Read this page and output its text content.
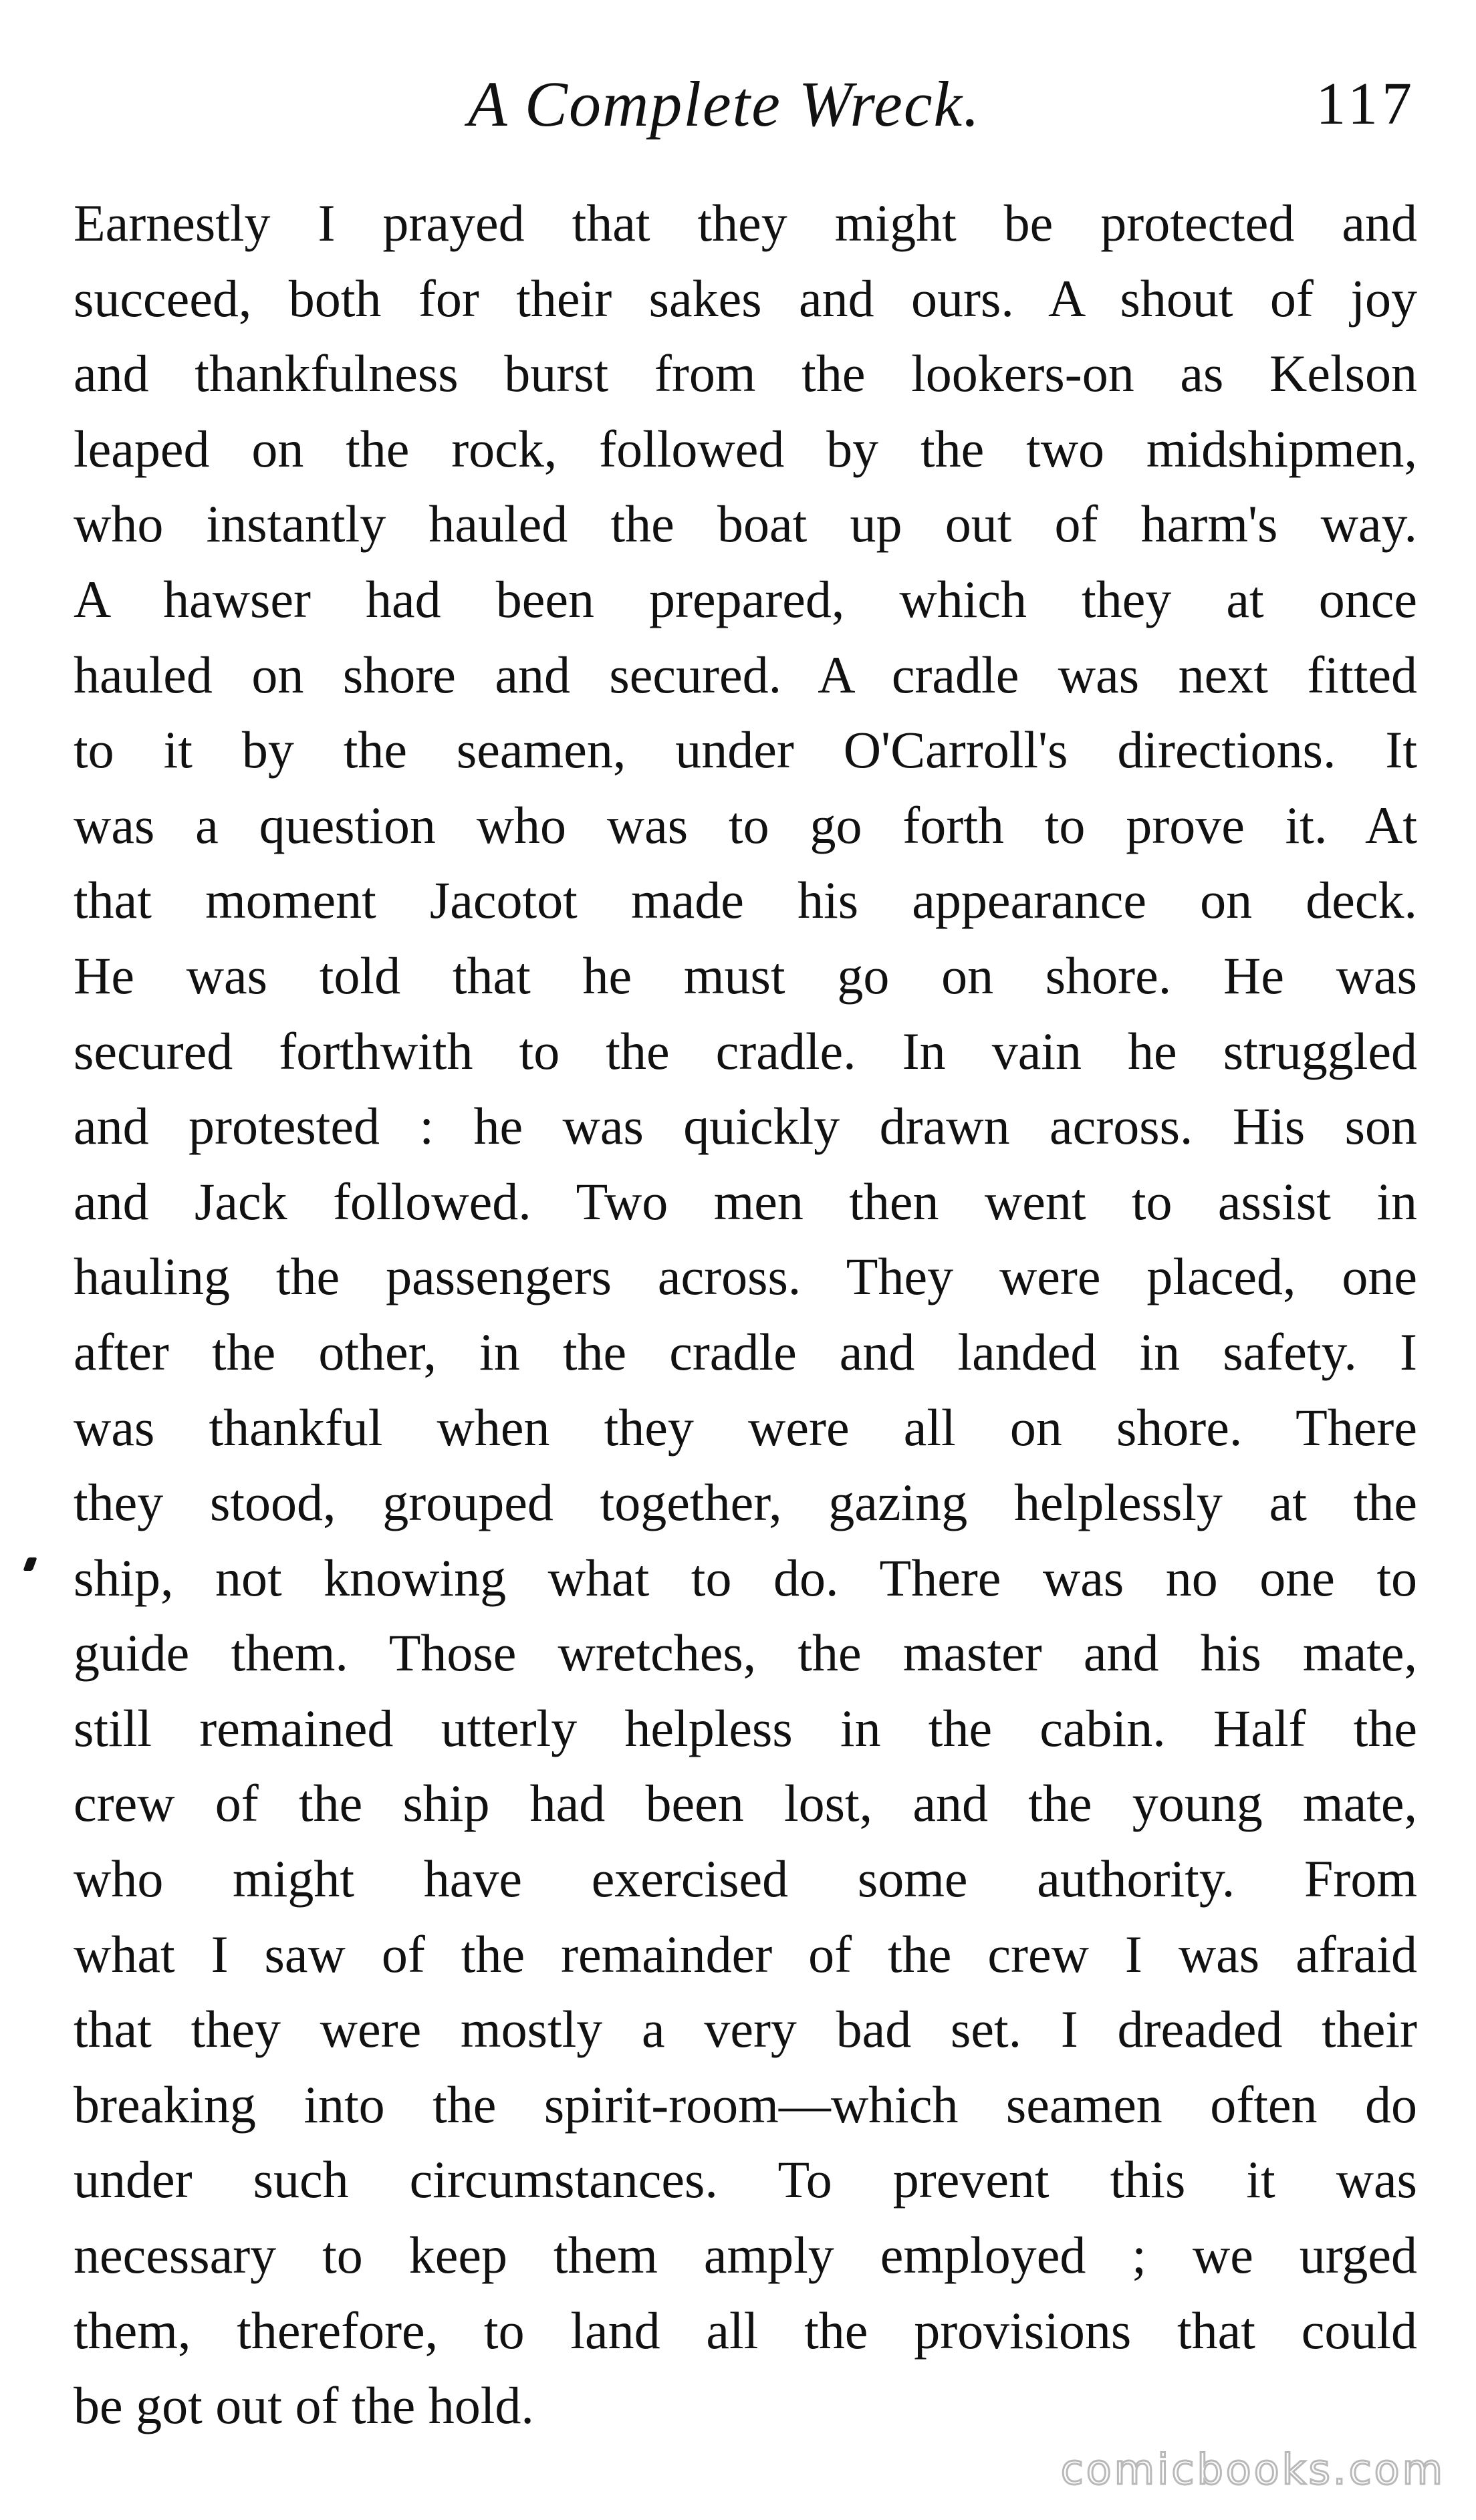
A Complete Wreck.	117
Earnestly I prayed that they might be protected and
succeed, both for their sakes and ours. A shout of joy
and thankfulness burst from the lookers-on as Kelson
leaped on the rock, followed by the two midshipmen,
who instantly hauled the boat up out of harm's way.
A hawser had been prepared, which they at once
hauled on shore and secured. A cradle was next fitted
to it by the seamen, under O'Carroll's directions. It
was a question who was to go forth to prove it. At
that moment Jacotot made his appearance on deck.
He was told that he must go on shore. He was
secured forthwith to the cradle. In vain he struggled
and protested : he was quickly drawn across. His son
and Jack followed. Two men then went to assist in
hauling the passengers across. They were placed, one
after the other, in the cradle and landed in safety. I
was thankful when they were all on shore. There
they stood, grouped together, gazing helplessly at the
ship, not knowing what to do. There was no one to
guide them. Those wretches, the master and his mate,
still remained utterly helpless in the cabin. Half the
crew of the ship had been lost, and the young mate,
who might have exercised some authority. From
what I saw of the remainder of the crew I was afraid
that they were mostly a very bad set. I dreaded their
breaking into the spirit-room—which seamen often do
under such circumstances. To prevent this it was
necessary to keep them amply employed ; we urged
them, therefore, to land all the provisions that could
be got out of the hold.
comicbooks.com
